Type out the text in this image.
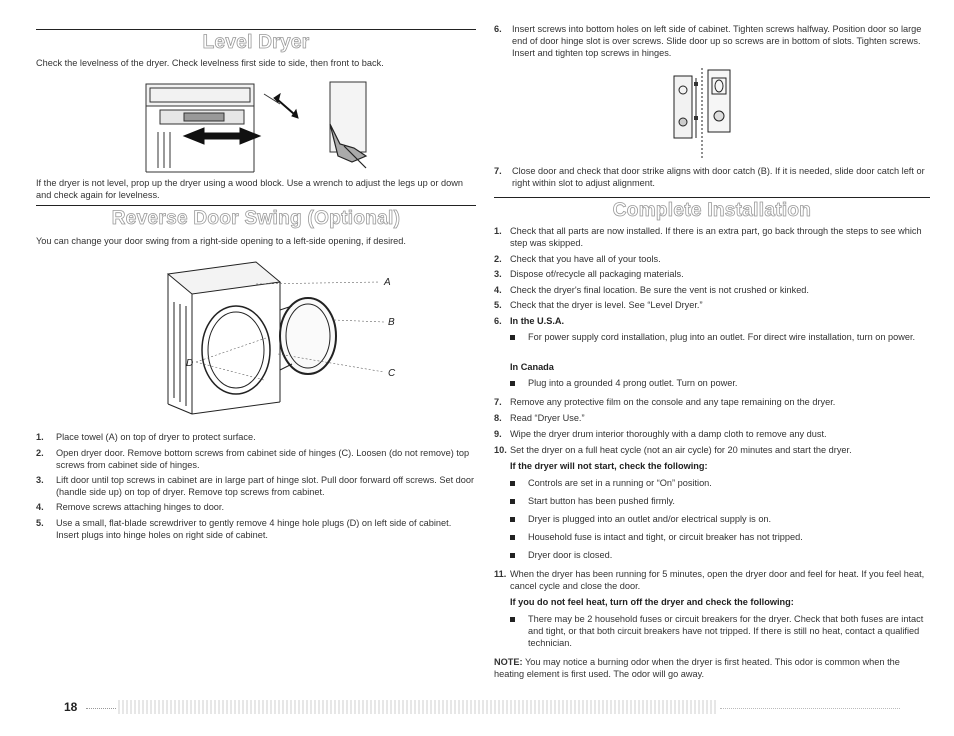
Level Dryer

Check the levelness of the dryer. Check levelness first side to side, then front to back.

If the dryer is not level, prop up the dryer using a wood block. Use a wrench to adjust the legs up or down and check again for levelness.

Reverse Door Swing (Optional)

You can change your door swing from a right-side opening to a left-side opening, if desired.

A
B
C
D
1.	Place towel (A) on top of dryer to protect surface.
2.	Open dryer door. Remove bottom screws from cabinet side of hinges (C). Loosen (do not remove) top screws from cabinet side of hinges.
3.	Lift door until top screws in cabinet are in large part of hinge slot. Pull door forward off screws. Set door (handle side up) on top of dryer. Remove top screws from cabinet.
4.	Remove screws attaching hinges to door.
5.	Use a small, flat-blade screwdriver to gently remove 4 hinge hole plugs (D) on left side of cabinet. Insert plugs into hinge holes on right side of cabinet.
6.	Insert screws into bottom holes on left side of cabinet. Tighten screws halfway. Position door so large end of door hinge slot is over screws. Slide door up so screws are in bottom of slots. Tighten screws. Insert and tighten top screws in hinges.
7.	Close door and check that door strike aligns with door catch (B). If it is needed, slide door catch left or right within slot to adjust alignment.
Complete Installation
1. Check that all parts are now installed. If there is an extra part, go back through the steps to see which step was skipped.
2. Check that you have all of your tools.
3. Dispose of/recycle all packaging materials.
4. Check the dryer's final location. Be sure the vent is not crushed or kinked.
5. Check that the dryer is level. See “Level Dryer.”
6. In the U.S.A.
For power supply cord installation, plug into an outlet. For direct wire installation, turn on power.
In Canada
Plug into a grounded 4 prong outlet. Turn on power.
7. Remove any protective film on the console and any tape remaining on the dryer.
8. Read “Dryer Use.”
9. Wipe the dryer drum interior thoroughly with a damp cloth to remove any dust.
10. Set the dryer on a full heat cycle (not an air cycle) for 20 minutes and start the dryer.
If the dryer will not start, check the following:
Controls are set in a running or “On” position.
Start button has been pushed firmly.
Dryer is plugged into an outlet and/or electrical supply is on.
Household fuse is intact and tight, or circuit breaker has not tripped.
Dryer door is closed.
11. When the dryer has been running for 5 minutes, open the dryer door and feel for heat. If you feel heat, cancel cycle and close the door.
If you do not feel heat, turn off the dryer and check the following:
There may be 2 household fuses or circuit breakers for the dryer. Check that both fuses are intact and tight, or that both circuit breakers have not tripped. If there is still no heat, contact a qualified technician.

NOTE: You may notice a burning odor when the dryer is first heated. This odor is common when the heating element is first used. The odor will go away.

18
